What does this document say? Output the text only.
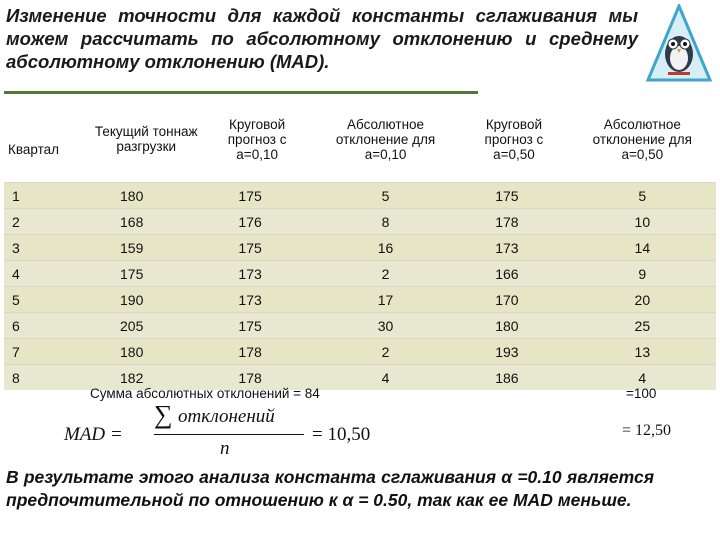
Изменение точности для каждой константы сглаживания мы можем рассчитать по абсолютному отклонению и среднему абсолютному отклонению (MAD).
Квартал	Текущий тоннаж разгрузки	Круговой прогноз с а=0,10	Абсолютное отклонение для а=0,10	Круговой прогноз с а=0,50	Абсолютное отклонение для а=0,50
1	180	175	5	175	5
2	168	176	8	178	10
3	159	175	16	173	14
4	175	173	2	166	9
5	190	173	17	170	20
6	205	175	30	180	25
7	180	178	2	193	13
8	182	178	4	186	4
Сумма абсолютных отклонений = 84	=100
MAD =
∑ отклонений
n
= 10,50	= 12,50
В результате этого анализа константа сглаживания α =0.10 является предпочтительной по отношению к α = 0.50, так как ее MAD меньше.
